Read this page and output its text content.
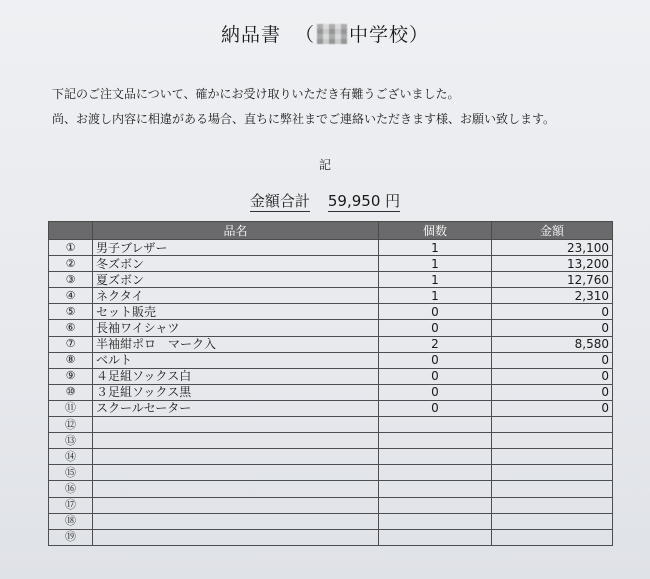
納品書 （ 中学校）
下記のご注文品について、確かにお受け取りいただき有難うございました。
尚、お渡し内容に相違がある場合、直ちに弊社までご連絡いただきます様、お願い致します。
記
金額合計 59,950 円
	品名	個数	金額
①	男子ブレザー	1	23,100
②	冬ズボン	1	13,200
③	夏ズボン	1	12,760
④	ネクタイ	1	2,310
⑤	セット販売	0	0
⑥	長袖ワイシャツ	0	0
⑦	半袖紺ポロ　マーク入	2	8,580
⑧	ベルト	0	0
⑨	４足組ソックス白	0	0
⑩	３足組ソックス黒	0	0
⑪	スクールセーター	0	0
⑫			
⑬			
⑭			
⑮			
⑯			
⑰			
⑱			
⑲			
